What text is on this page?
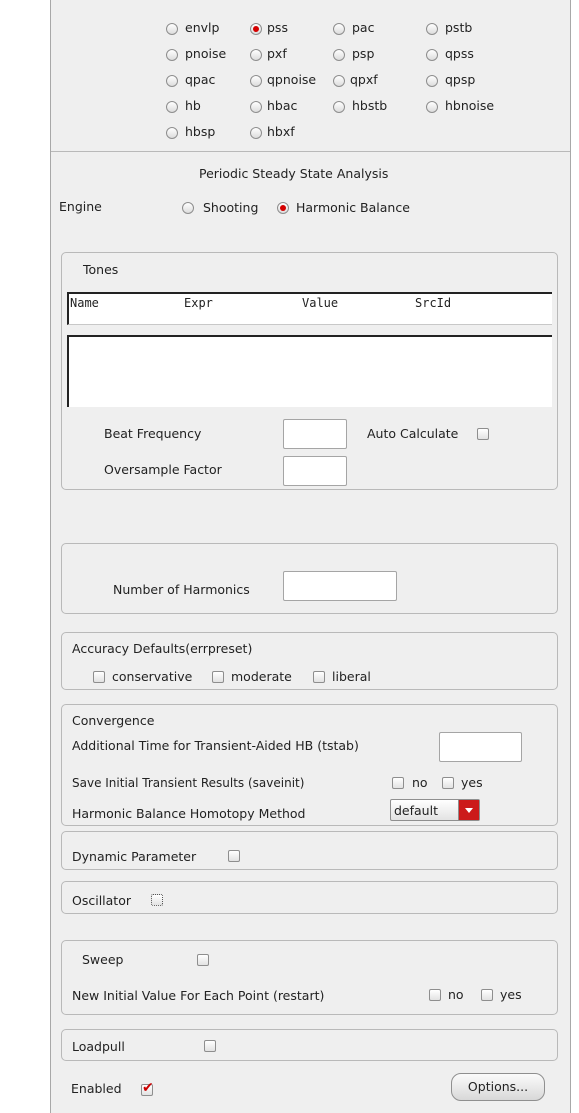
envlp	pss	pac	pstb
pnoise	pxf	psp	qpss
qpac	qpnoise	qpxf	qpsp
hb	hbac	hbstb	hbnoise
hbsp	hbxf
Periodic Steady State Analysis
Engine	Shooting	Harmonic Balance
Tones
Name	Expr	Value	SrcId
Beat Frequency	Auto Calculate
Oversample Factor
Number of Harmonics
Accuracy Defaults(errpreset)
conservative	moderate	liberal
Convergence
Additional Time for Transient-Aided HB (tstab)
Save Initial Transient Results (saveinit)	no	yes
Harmonic Balance Homotopy Method	default
Dynamic Parameter
Oscillator
Sweep
New Initial Value For Each Point (restart)	no	yes
Loadpull
Enabled ✔	Options...
